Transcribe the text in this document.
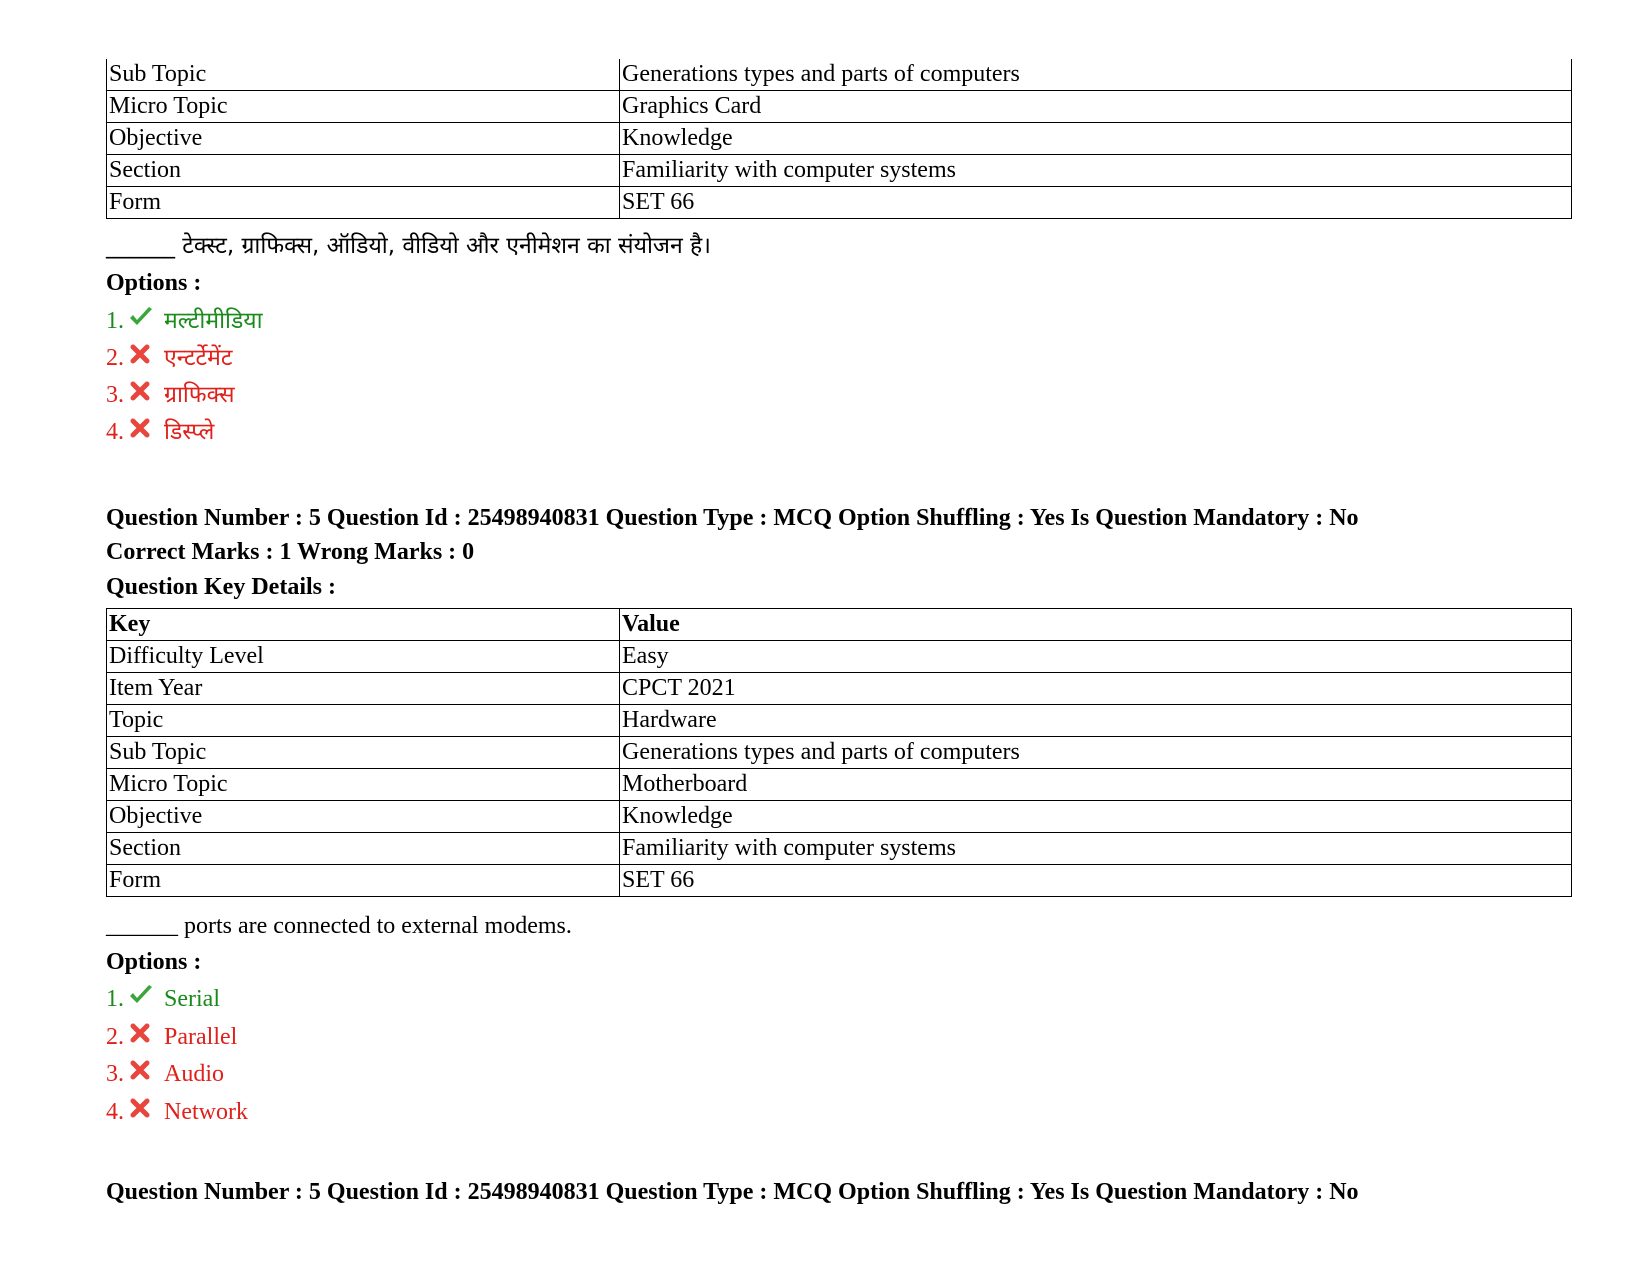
Sub Topic	Generations types and parts of computers
Micro Topic	Graphics Card
Objective	Knowledge
Section	Familiarity with computer systems
Form	SET 66
______ टेक्स्ट, ग्राफिक्स, ऑडियो, वीडियो और एनीमेशन का संयोजन है।
Options :
1. मल्टीमीडिया
2. एन्टर्टेमेंट
3. ग्राफिक्स
4. डिस्प्ले
Question Number : 5 Question Id : 25498940831 Question Type : MCQ Option Shuffling : Yes Is Question Mandatory : No
Correct Marks : 1 Wrong Marks : 0
Question Key Details :
Key	Value
Difficulty Level	Easy
Item Year	CPCT 2021
Topic	Hardware
Sub Topic	Generations types and parts of computers
Micro Topic	Motherboard
Objective	Knowledge
Section	Familiarity with computer systems
Form	SET 66
______ ports are connected to external modems.
Options :
1. Serial
2. Parallel
3. Audio
4. Network
Question Number : 5 Question Id : 25498940831 Question Type : MCQ Option Shuffling : Yes Is Question Mandatory : No
